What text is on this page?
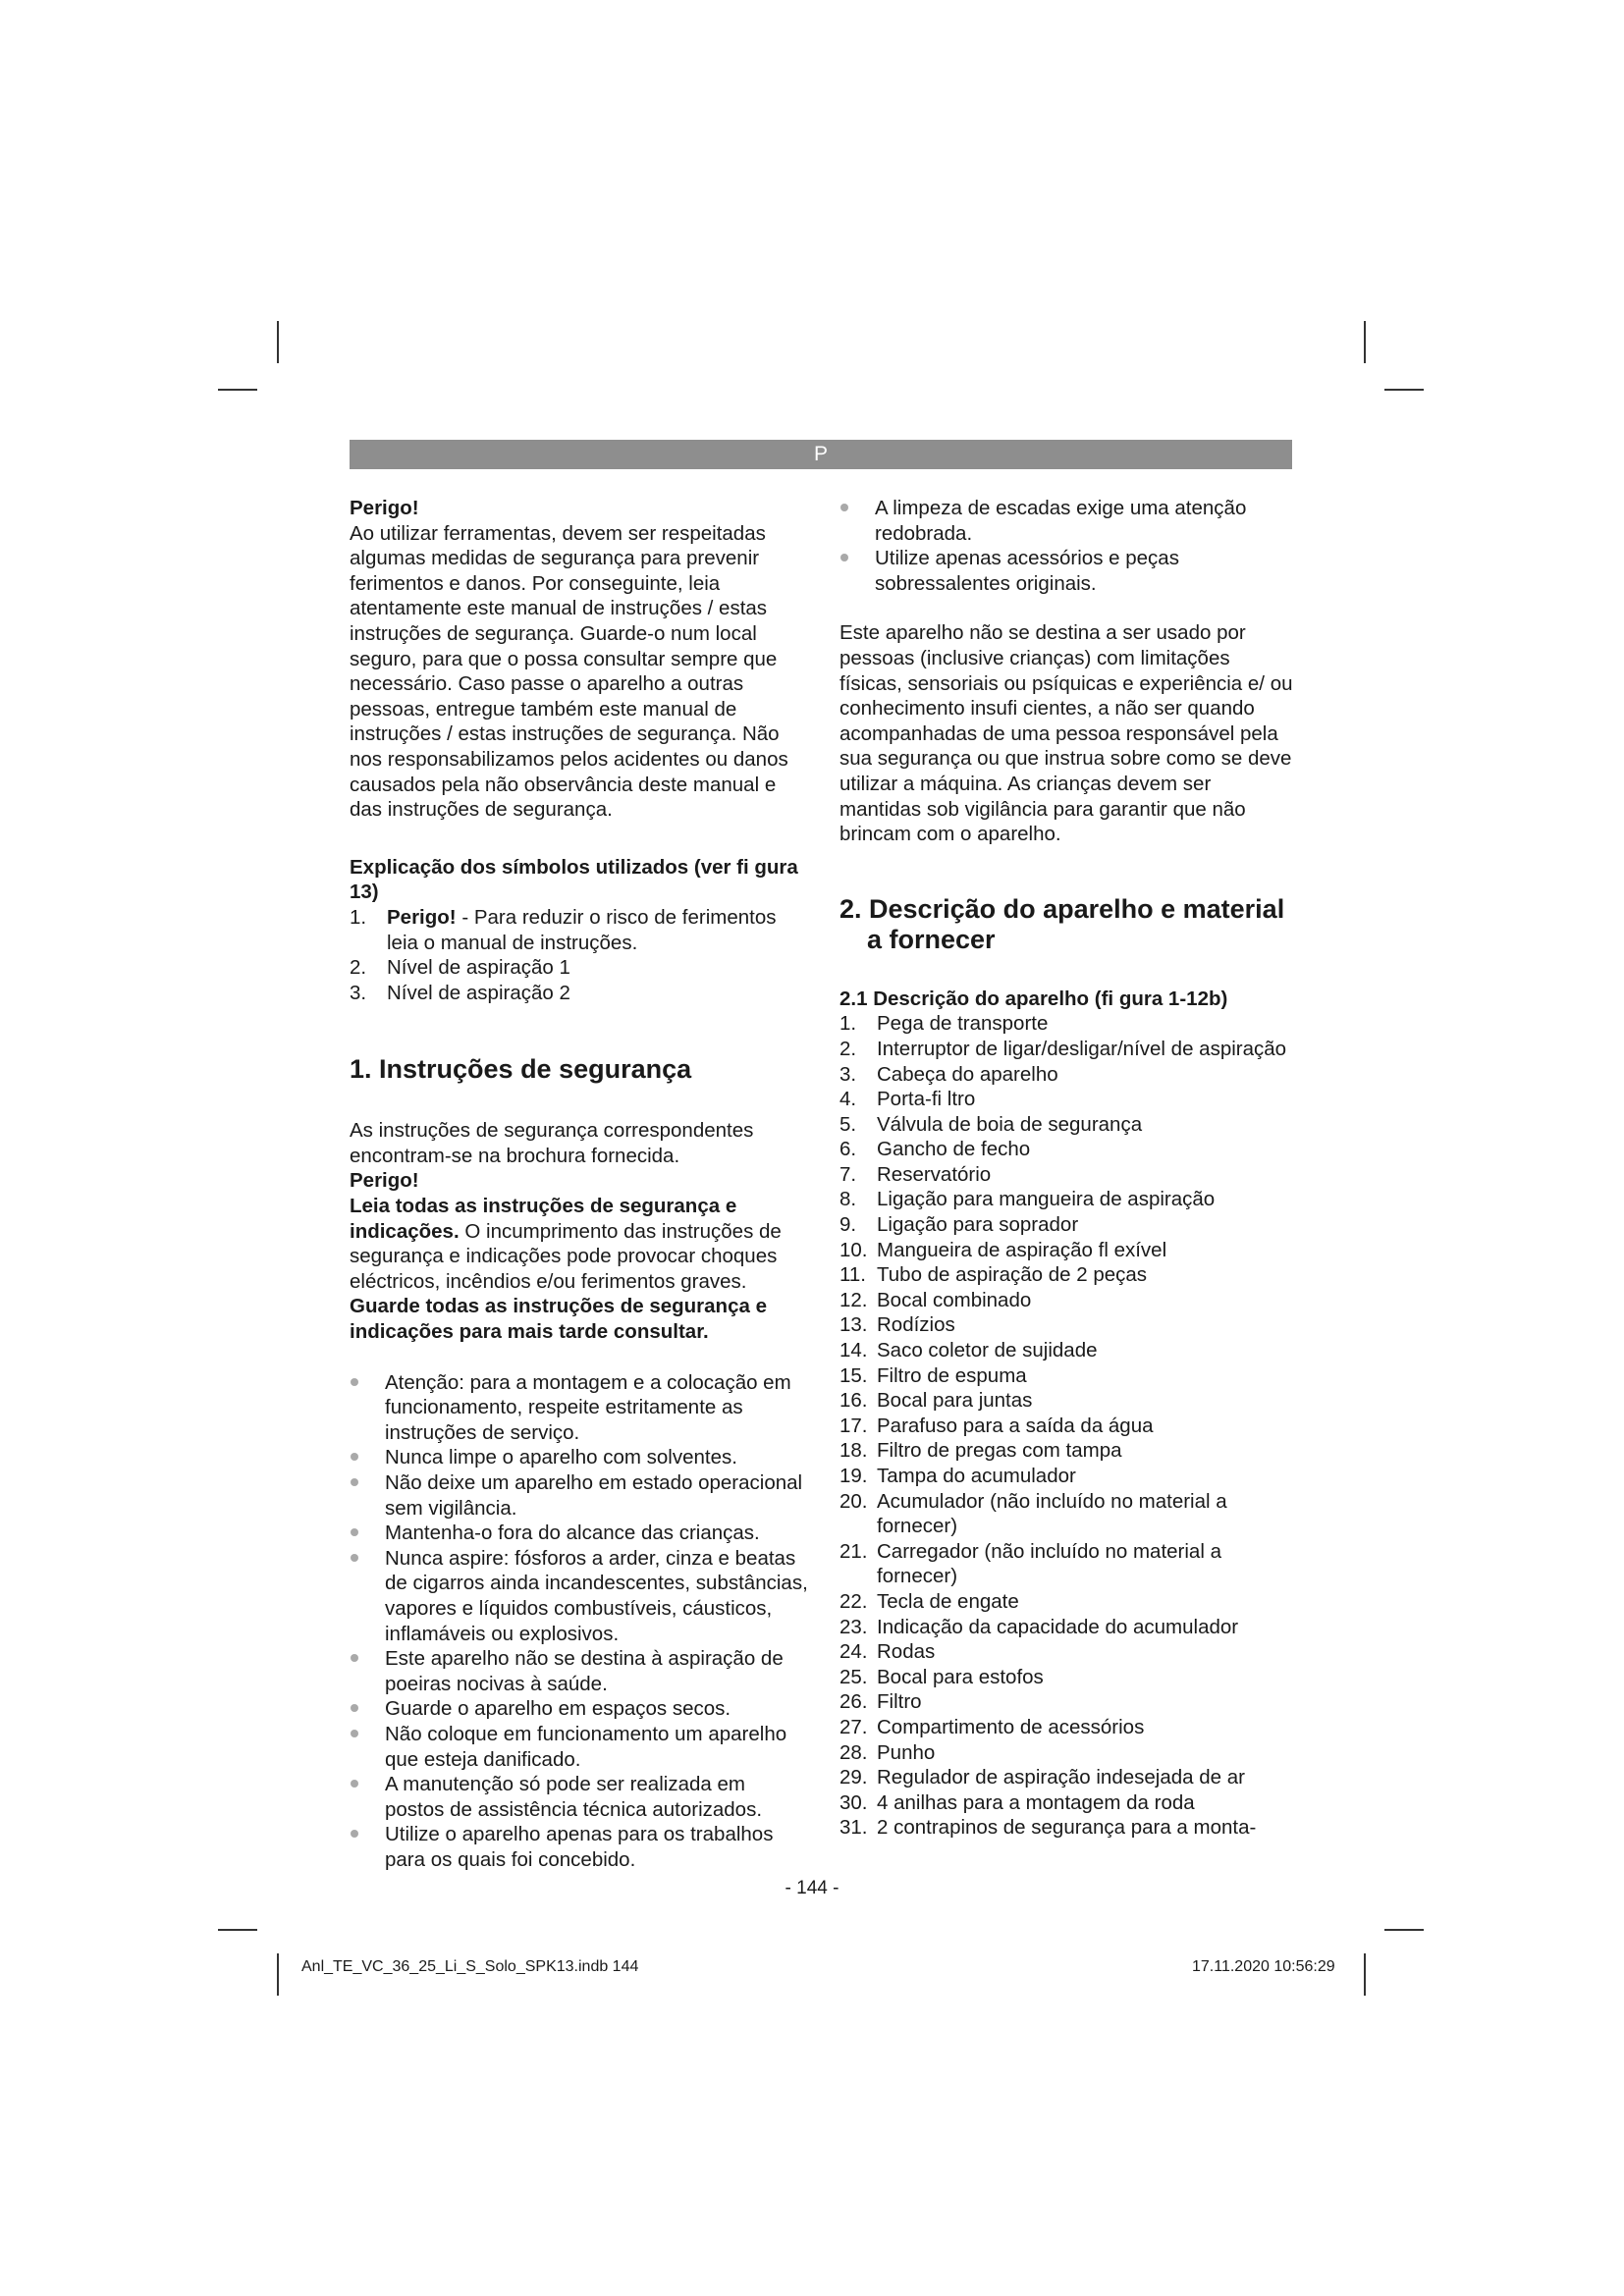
P

Perigo!

Ao utilizar ferramentas, devem ser respeitadas algumas medidas de segurança para prevenir ferimentos e danos. Por conseguinte, leia atentamente este manual de instruções / estas instruções de segurança. Guarde-o num local seguro, para que o possa consultar sempre que necessário. Caso passe o aparelho a outras pessoas, entregue também este manual de instruções / estas instruções de segurança. Não nos responsabilizamos pelos acidentes ou danos causados pela não observância deste manual e das instruções de segurança.

Explicação dos símbolos utilizados (ver fi gura 13)

1. Perigo! - Para reduzir o risco de ferimentos leia o manual de instruções.
2. Nível de aspiração 1
3. Nível de aspiração 2
1. Instruções de segurança

As instruções de segurança correspondentes encontram-se na brochura fornecida.

Perigo!

Leia todas as instruções de segurança e indicações. O incumprimento das instruções de segurança e indicações pode provocar choques eléctricos, incêndios e/ou ferimentos graves.

Guarde todas as instruções de segurança e indicações para mais tarde consultar.

Atenção: para a montagem e a colocação em funcionamento, respeite estritamente as instruções de serviço.
Nunca limpe o aparelho com solventes.
Não deixe um aparelho em estado operacional sem vigilância.
Mantenha-o fora do alcance das crianças.
Nunca aspire: fósforos a arder, cinza e beatas de cigarros ainda incandescentes, substâncias, vapores e líquidos combustíveis, cáusticos, inflamáveis ou explosivos.
Este aparelho não se destina à aspiração de poeiras nocivas à saúde.
Guarde o aparelho em espaços secos.
Não coloque em funcionamento um aparelho que esteja danificado.
A manutenção só pode ser realizada em postos de assistência técnica autorizados.
Utilize o aparelho apenas para os trabalhos para os quais foi concebido.
A limpeza de escadas exige uma atenção redobrada.
Utilize apenas acessórios e peças sobressalentes originais.

Este aparelho não se destina a ser usado por pessoas (inclusive crianças) com limitações físicas, sensoriais ou psíquicas e experiência e/ ou conhecimento insufi cientes, a não ser quando acompanhadas de uma pessoa responsável pela sua segurança ou que instrua sobre como se deve utilizar a máquina. As crianças devem ser mantidas sob vigilância para garantir que não brincam com o aparelho.

2. Descrição do aparelho e material a fornecer

2.1 Descrição do aparelho (fi gura 1-12b)

1. Pega de transporte
2. Interruptor de ligar/desligar/nível de aspiração
3. Cabeça do aparelho
4. Porta-fi ltro
5. Válvula de boia de segurança
6. Gancho de fecho
7. Reservatório
8. Ligação para mangueira de aspiração
9. Ligação para soprador
10. Mangueira de aspiração fl exível
11. Tubo de aspiração de 2 peças
12. Bocal combinado
13. Rodízios
14. Saco coletor de sujidade
15. Filtro de espuma
16. Bocal para juntas
17. Parafuso para a saída da água
18. Filtro de pregas com tampa
19. Tampa do acumulador
20. Acumulador (não incluído no material a fornecer)
21. Carregador (não incluído no material a fornecer)
22. Tecla de engate
23. Indicação da capacidade do acumulador
24. Rodas
25. Bocal para estofos
26. Filtro
27. Compartimento de acessórios
28. Punho
29. Regulador de aspiração indesejada de ar
30. 4 anilhas para a montagem da roda
31. 2 contrapinos de segurança para a monta-
- 144 -
Anl_TE_VC_36_25_Li_S_Solo_SPK13.indb 144	17.11.2020 10:56:29
